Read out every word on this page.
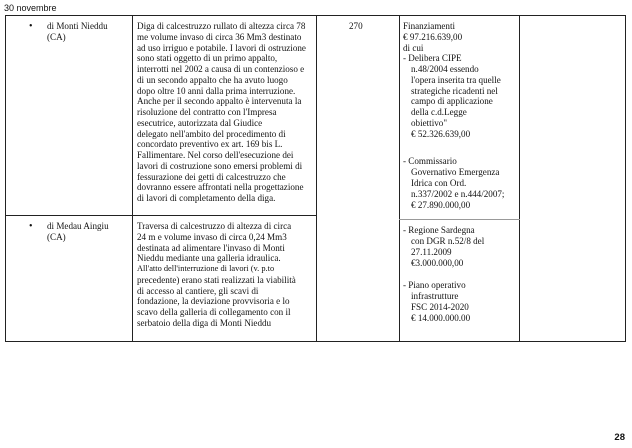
30 novembre
• di Monti Nieddu
(CA)
Diga di calcestruzzo rullato di altezza circa 78
me volume invaso di circa 36 Mm3 destinato
ad uso irriguo e potabile. I lavori di ostruzione
sono stati oggetto di un primo appalto,
interrotti nel 2002 a causa di un contenzioso e
di un secondo appalto che ha avuto luogo
dopo oltre 10 anni dalla prima interruzione.
Anche per il secondo appalto è intervenuta la
risoluzione del contratto con l'Impresa
esecutrice, autorizzata dal Giudice
delegato nell'ambito del procedimento di
concordato preventivo ex art. 169 bis L.
Fallimentare. Nel corso dell'esecuzione dei
lavori di costruzione sono emersi problemi di
fessurazione dei getti di calcestruzzo che
dovranno essere affrontati nella progettazione
di lavori di completamento della diga.
270	Finanziamenti
€ 97.216.639,00
di cui
- Delibera CIPE
n.48/2004 essendo
l'opera inserita tra quelle
strategiche ricadenti nel
campo di applicazione
della c.d.Legge
obiettivo"
€ 52.326.639,00
- Commissario
Governativo Emergenza
Idrica con Ord.
n.337/2002 e n.444/2007;
€ 27.890.000,00
- Regione Sardegna
con DGR n.52/8 del
27.11.2009
€3.000.000,00
- Piano operativo
infrastrutture
FSC 2014-2020
€ 14.000.000.00
• di Medau Aingiu
(CA)
Traversa di calcestruzzo di altezza di circa
24 m e volume invaso di circa 0,24 Mm3
destinata ad alimentare l'invaso di Monti
Nieddu mediante una galleria idraulica.
All'atto dell'interruzione di lavori (v. p.to
precedente) erano stati realizzati la viabilità
di accesso al cantiere, gli scavi di
fondazione, la deviazione provvisoria e lo
scavo della galleria di collegamento con il
serbatoio della diga di Monti Nieddu
28
